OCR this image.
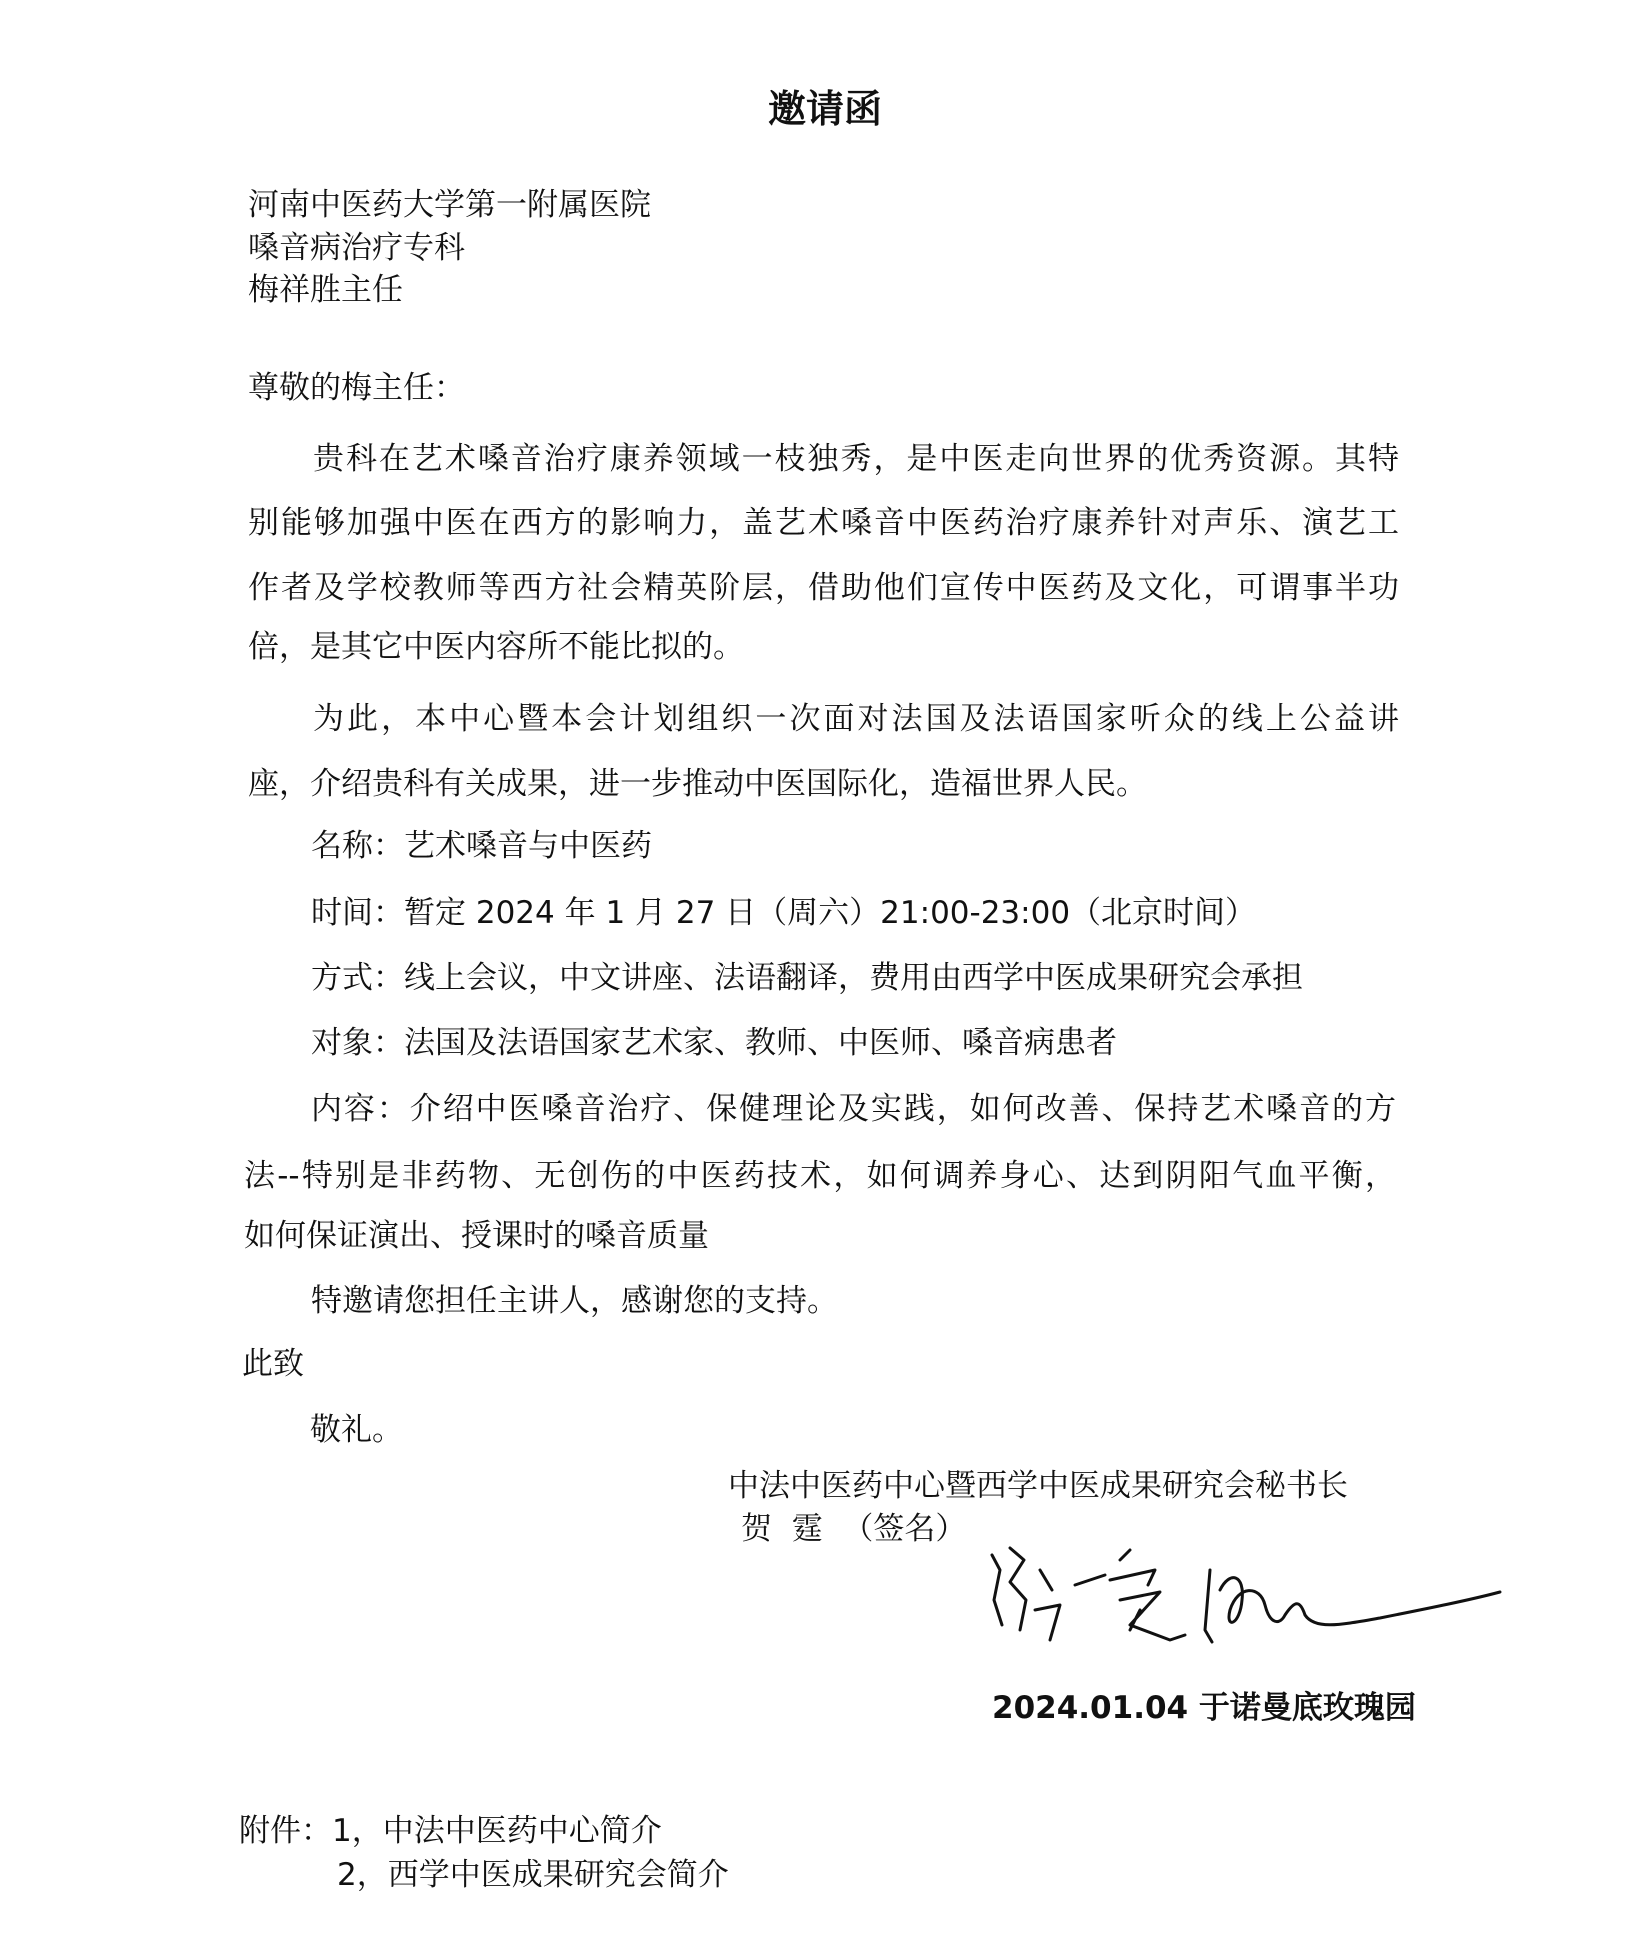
邀请函
河南中医药大学第一附属医院
嗓音病治疗专科
梅祥胜主任
尊敬的梅主任：
贵科在艺术嗓音治疗康养领域一枝独秀，是中医走向世界的优秀资源。其特
别能够加强中医在西方的影响力，盖艺术嗓音中医药治疗康养针对声乐、演艺工
作者及学校教师等西方社会精英阶层，借助他们宣传中医药及文化，可谓事半功
倍，是其它中医内容所不能比拟的。
为此，本中心暨本会计划组织一次面对法国及法语国家听众的线上公益讲
座，介绍贵科有关成果，进一步推动中医国际化，造福世界人民。
名称：艺术嗓音与中医药
时间：暂定 2024 年 1 月 27 日（周六）21:00-23:00（北京时间）
方式：线上会议，中文讲座、法语翻译，费用由西学中医成果研究会承担
对象：法国及法语国家艺术家、教师、中医师、嗓音病患者
内容：介绍中医嗓音治疗、保健理论及实践，如何改善、保持艺术嗓音的方
法--特别是非药物、无创伤的中医药技术，如何调养身心、达到阴阳气血平衡，
如何保证演出、授课时的嗓音质量
特邀请您担任主讲人，感谢您的支持。
此致
敬礼。
中法中医药中心暨西学中医成果研究会秘书长
贺  霆  （签名）
2024.01.04 于诺曼底玫瑰园
附件：1，中法中医药中心简介
2，西学中医成果研究会简介
